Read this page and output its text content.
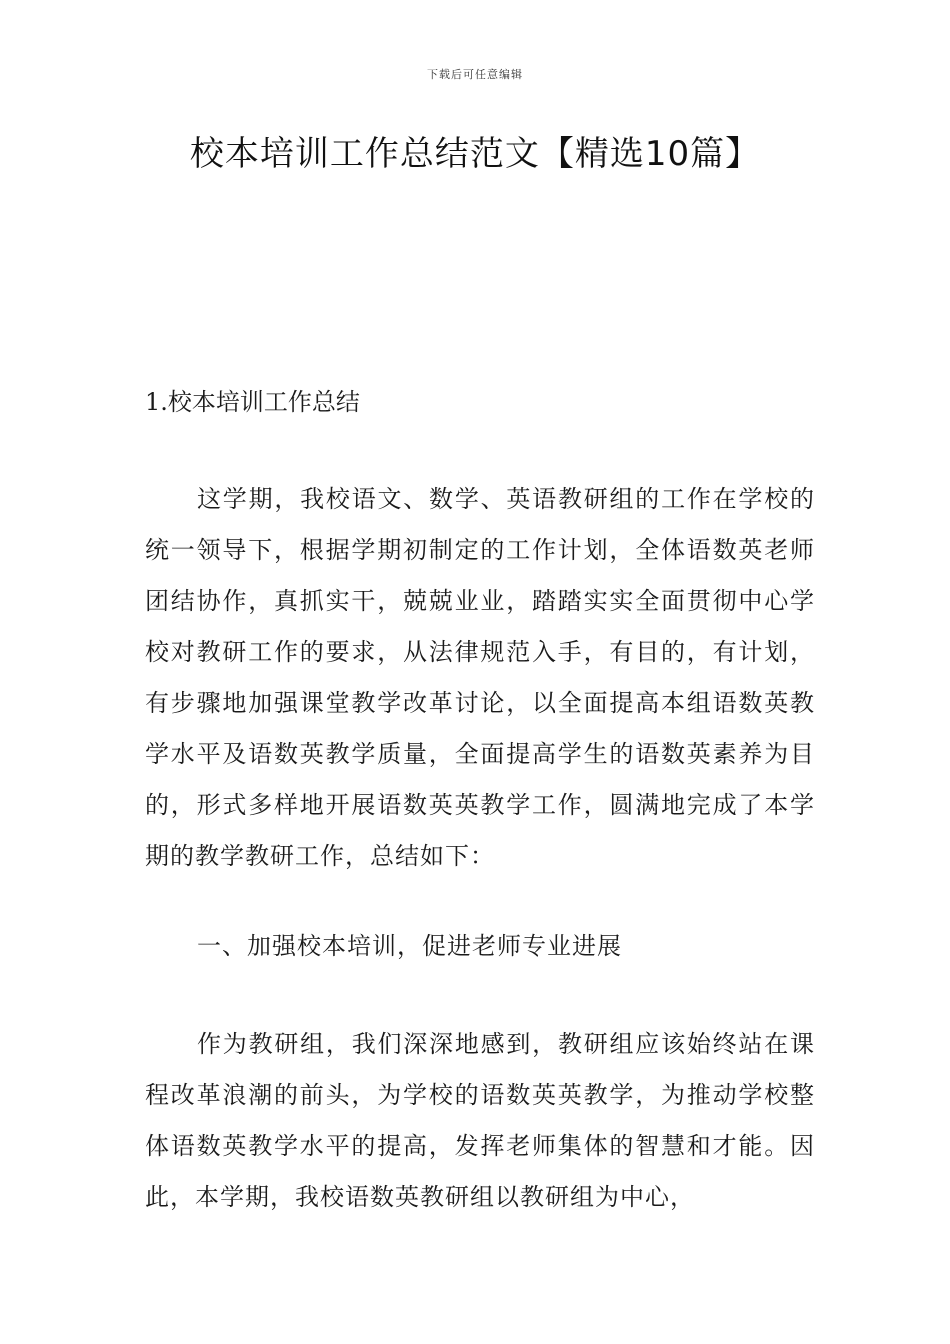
下载后可任意编辑
校本培训工作总结范文【精选10篇】
1.校本培训工作总结

这学期，我校语文、数学、英语教研组的工作在学校的统一领导下，根据学期初制定的工作计划，全体语数英老师团结协作，真抓实干，兢兢业业，踏踏实实全面贯彻中心学校对教研工作的要求，从法律规范入手，有目的，有计划，有步骤地加强课堂教学改革讨论，以全面提高本组语数英教学水平及语数英教学质量，全面提高学生的语数英素养为目的，形式多样地开展语数英英教学工作，圆满地完成了本学期的教学教研工作，总结如下：

一、加强校本培训，促进老师专业进展

作为教研组，我们深深地感到，教研组应该始终站在课程改革浪潮的前头，为学校的语数英英教学，为推动学校整体语数英教学水平的提高，发挥老师集体的智慧和才能。因此，本学期，我校语数英教研组以教研组为中心，
